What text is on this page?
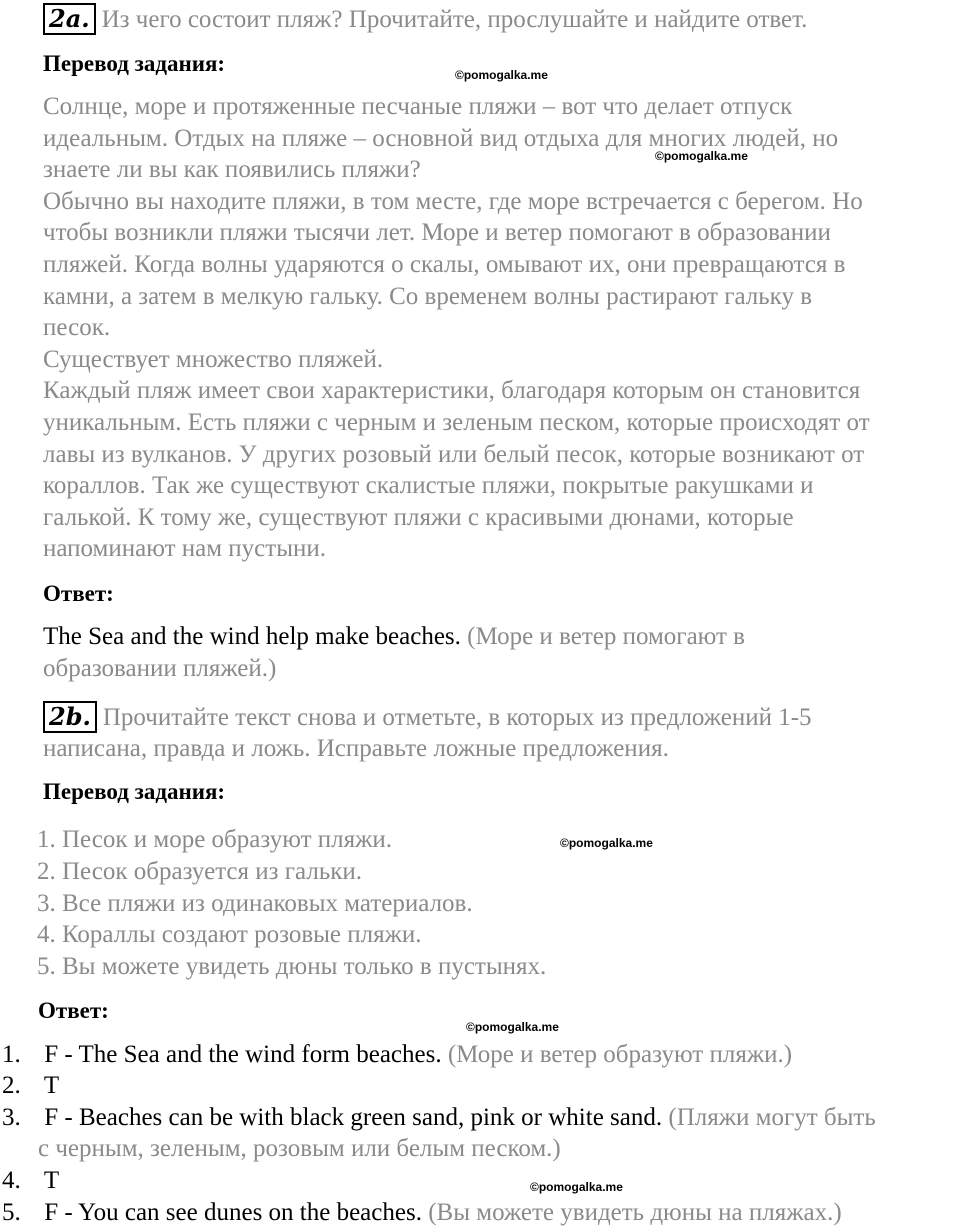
2a. Из чего состоит пляж? Прочитайте, прослушайте и найдите ответ.
Перевод задания:	©pomogalka.me
©pomogalka.me
Солнце, море и протяженные песчаные пляжи – вот что делает отпуск
идеальным. Отдых на пляже – основной вид отдыха для многих людей, но
знаете ли вы как появились пляжи?
Обычно вы находите пляжи, в том месте, где море встречается с берегом. Но
чтобы возникли пляжи тысячи лет. Море и ветер помогают в образовании
пляжей. Когда волны ударяются о скалы, омывают их, они превращаются в
камни, а затем в мелкую гальку. Со временем волны растирают гальку в
песок.
Существует множество пляжей.
Каждый пляж имеет свои характеристики, благодаря которым он становится
уникальным. Есть пляжи с черным и зеленым песком, которые происходят от
лавы из вулканов. У других розовый или белый песок, которые возникают от
кораллов. Так же существуют скалистые пляжи, покрытые ракушками и
галькой. К тому же, существуют пляжи с красивыми дюнами, которые
напоминают нам пустыни.
Ответ:
The Sea and the wind help make beaches. (Море и ветер помогают в
образовании пляжей.)
2b. Прочитайте текст снова и отметьте, в которых из предложений 1-5
написана, правда и ложь. Исправьте ложные предложения.
Перевод задания:
1. Песок и море образуют пляжи.
2. Песок образуется из гальки.
3. Все пляжи из одинаковых материалов.
4. Кораллы создают розовые пляжи.
5. Вы можете увидеть дюны только в пустынях.
©pomogalka.me
Ответ:
©pomogalka.me
1. F - The Sea and the wind form beaches. (Море и ветер образуют пляжи.)
2. T
3. F - Beaches can be with black green sand, pink or white sand. (Пляжи могут быть
с черным, зеленым, розовым или белым песком.)
4. T
5. F - You can see dunes on the beaches. (Вы можете увидеть дюны на пляжах.)
©pomogalka.me
